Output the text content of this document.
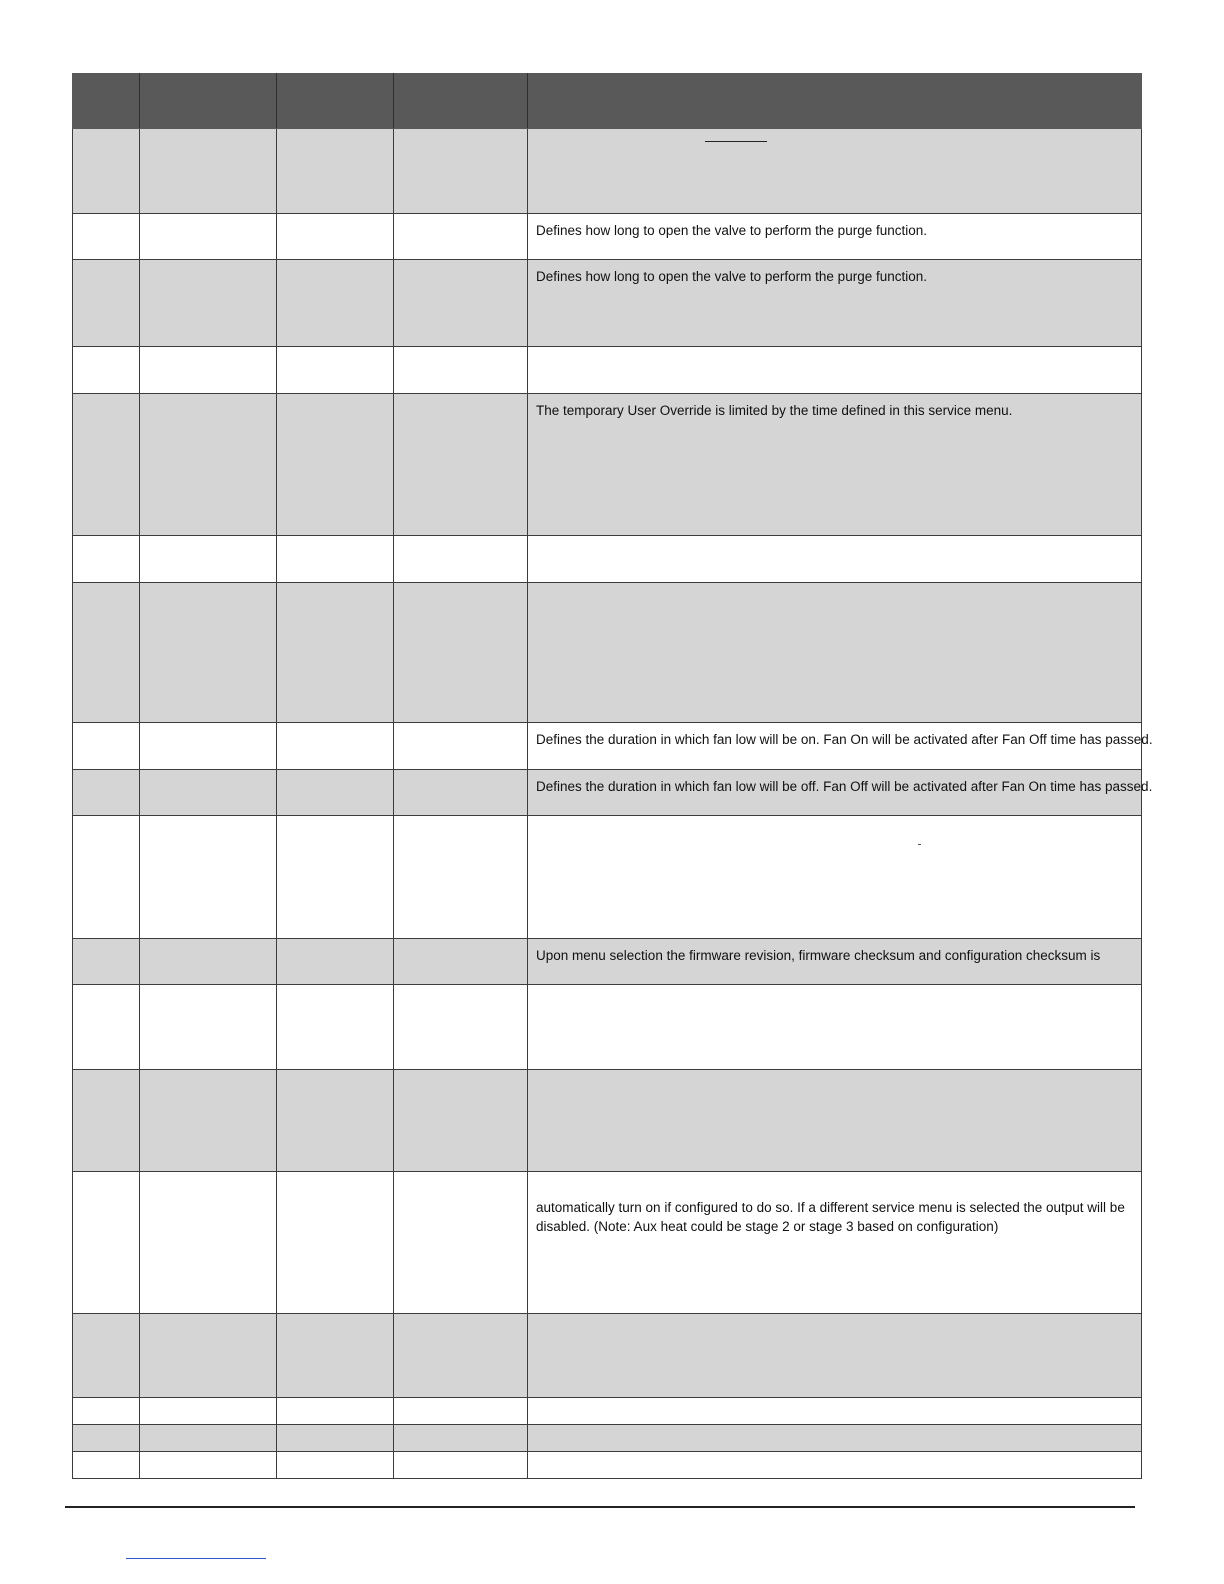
				Defines how long to open the valve to perform the purge function.

				Defines how long to open the valve to perform the purge function.

				The temporary User Override is limited by the time defined in this service menu.

				Defines the duration in which fan low will be on. Fan On will be activated after Fan Off time has passed.

				Defines the duration in which fan low will be off. Fan Off will be activated after Fan On time has passed.

				Upon menu selection the firmware revision, firmware checksum and configuration checksum is

				automatically turn on if configured to do so. If a different service menu is selected the output will be
disabled. (Note: Aux heat could be stage 2 or stage 3 based on configuration)
